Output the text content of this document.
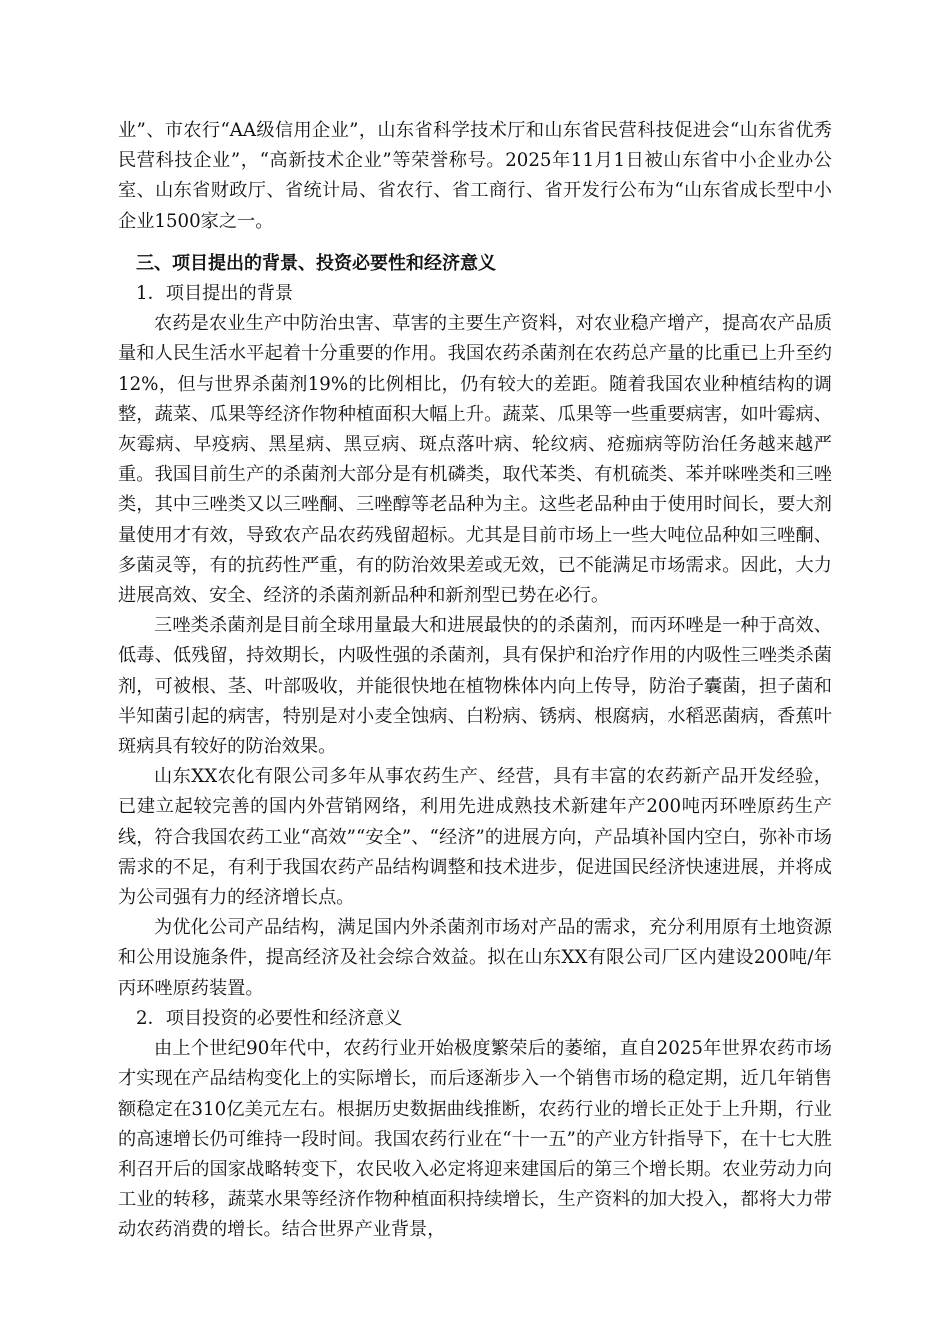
业”、市农行“AA级信用企业”，山东省科学技术厅和山东省民营科技促进会“山东省优秀民营科技企业”，“高新技术企业”等荣誉称号。2025年11月1日被山东省中小企业办公室、山东省财政厅、省统计局、省农行、省工商行、省开发行公布为“山东省成长型中小企业1500家之一。

三、项目提出的背景、投资必要性和经济意义

1．项目提出的背景

农药是农业生产中防治虫害、草害的主要生产资料，对农业稳产增产，提高农产品质量和人民生活水平起着十分重要的作用。我国农药杀菌剂在农药总产量的比重已上升至约12%，但与世界杀菌剂19%的比例相比，仍有较大的差距。随着我国农业种植结构的调整，蔬菜、瓜果等经济作物种植面积大幅上升。蔬菜、瓜果等一些重要病害，如叶霉病、灰霉病、早疫病、黑星病、黑豆病、斑点落叶病、轮纹病、疮痂病等防治任务越来越严重。我国目前生产的杀菌剂大部分是有机磷类，取代苯类、有机硫类、苯并咪唑类和三唑类，其中三唑类又以三唑酮、三唑醇等老品种为主。这些老品种由于使用时间长，要大剂量使用才有效，导致农产品农药残留超标。尤其是目前市场上一些大吨位品种如三唑酮、多菌灵等，有的抗药性严重，有的防治效果差或无效，已不能满足市场需求。因此，大力进展高效、安全、经济的杀菌剂新品种和新剂型已势在必行。

三唑类杀菌剂是目前全球用量最大和进展最快的的杀菌剂，而丙环唑是一种于高效、低毒、低残留，持效期长，内吸性强的杀菌剂，具有保护和治疗作用的内吸性三唑类杀菌剂，可被根、茎、叶部吸收，并能很快地在植物株体内向上传导，防治子囊菌，担子菌和半知菌引起的病害，特别是对小麦全蚀病、白粉病、锈病、根腐病，水稻恶菌病，香蕉叶斑病具有较好的防治效果。

山东XX农化有限公司多年从事农药生产、经营，具有丰富的农药新产品开发经验，已建立起较完善的国内外营销网络，利用先进成熟技术新建年产200吨丙环唑原药生产线，符合我国农药工业“高效”“安全”、“经济”的进展方向，产品填补国内空白，弥补市场需求的不足，有利于我国农药产品结构调整和技术进步，促进国民经济快速进展，并将成为公司强有力的经济增长点。

为优化公司产品结构，满足国内外杀菌剂市场对产品的需求，充分利用原有土地资源和公用设施条件，提高经济及社会综合效益。拟在山东XX有限公司厂区内建设200吨/年丙环唑原药装置。

2．项目投资的必要性和经济意义

由上个世纪90年代中，农药行业开始极度繁荣后的萎缩，直自2025年世界农药市场才实现在产品结构变化上的实际增长，而后逐渐步入一个销售市场的稳定期，近几年销售额稳定在310亿美元左右。根据历史数据曲线推断，农药行业的增长正处于上升期，行业的高速增长仍可维持一段时间。我国农药行业在“十一五”的产业方针指导下，在十七大胜利召开后的国家战略转变下，农民收入必定将迎来建国后的第三个增长期。农业劳动力向工业的转移，蔬菜水果等经济作物种植面积持续增长，生产资料的加大投入，都将大力带动农药消费的增长。结合世界产业背景，
